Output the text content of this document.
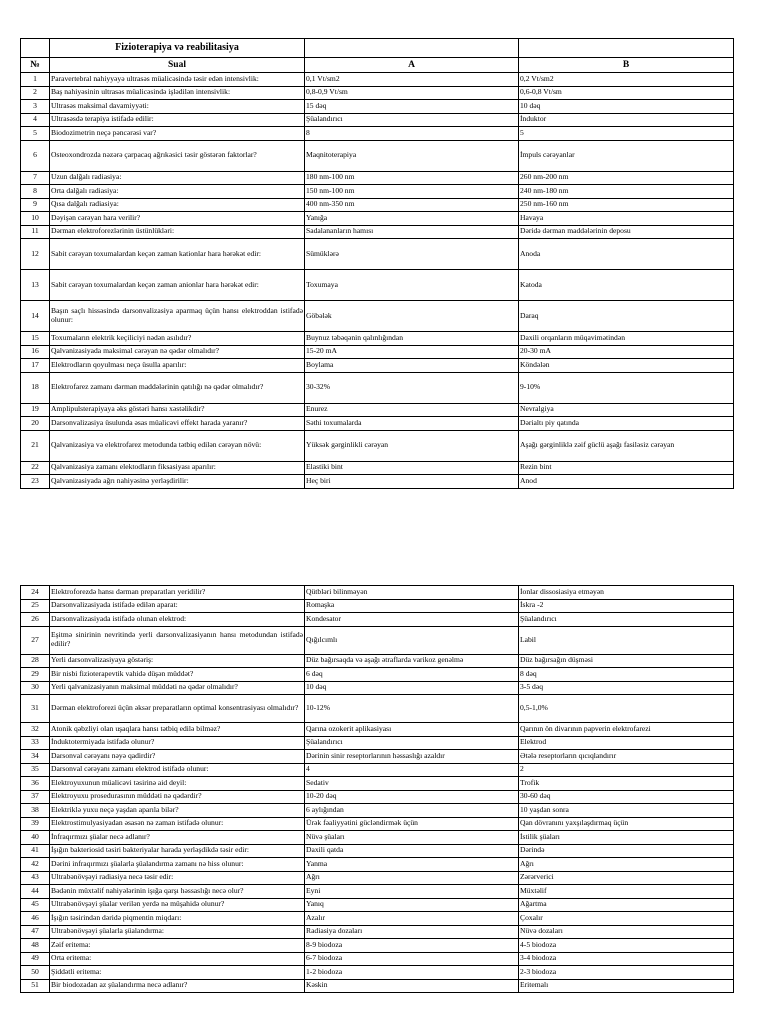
	Fizioterapiya və reabilitasiya		
№	Sual	A	B
1	Paravertebral nahiyyəyə ultrasəs müalicəsində təsir edən intensivlik:	0,1 Vt/sm2	0,2 Vt/sm2
2	Baş nahiyəsinin ultrasəs müalicəsində işlədilən intensivlik:	0,8-0,9 Vt/sm	0,6-0,8 Vt/sm
3	Ultrasəs maksimal davamiyyəti:	15 dəq	10 dəq
4	Ultrasəsdə terapiya istifadə edilir:	Şüalandırıcı	İnduktor
5	Biodozimetrin neçə pəncərəsi var?	8	5
6	Osteoxondrozda nəzərə çarpacaq ağrıkəsici təsir göstərən faktorlar?	Maqnitoterapiya	İmpuls cərəyanlar
7	Uzun dalğalı radiasiya:	180 nm-100 nm	260 nm-200 nm
8	Orta dalğalı radiasiya:	150 nm-100 nm	240 nm-180 nm
9	Qısa dalğalı radiasiya:	400 nm-350 nm	250 nm-160 nm
10	Dəyişən cərəyan hara verilir?	Yanığa	Havaya
11	Dərman elektroforezlərinin üstünlükləri:	Sadalananların hamısı	Dəridə dərman maddələrinin deposu
12	Sabit cərəyan toxumalardan keçən zaman kationlar hara hərəkət edir:	Sümüklərə	Anoda
13	Sabit cərəyan toxumalardan keçən zaman anionlar hara hərəkət edir:	Toxumaya	Katoda
14	Başın saçlı hissəsində darsonvalizasiya aparmaq üçün hansı elektroddan istifadə olunur:	Göbələk	Daraq
15	Toxumaların elektrik keçiliciyi nədən asılıdır?	Buynuz təbəqənin qalınlığından	Daxili orqanların müqavimətindən
16	Qalvanizasiyada maksimal cərəyan nə qədər olmalıdır?	15-20 mA	20-30 mA
17	Elektrodların qoyulması neçə üsulla aparılır:	Boylama	Köndələn
18	Elektrofarez zamanı dərman maddələrinin qatılığı nə qədər olmalıdır?	30-32%	9-10%
19	Amplipulsterapiyaya əks göstəri hansı xəstəlikdir?	Enurez	Nevralgiya
20	Darsonvalizasiya üsulunda əsas müalicəvi effekt harada yaranır?	Səthi toxumalarda	Dərialtı piy qatında
21	Qalvanizasiya və elektrofarez metodunda tətbiq edilən cərəyan növü:	Yüksək gərginlikli cərəyan	Aşağı gərginliklə zəif güclü aşağı fasiləsiz cərəyan
22	Qalvanizasiya zamanı elektodların fiksasiyası aparılır:	Elastiki bint	Rezin bint
23	Qalvanizasiyada ağrı nahiyəsinə yerləşdirilir:	Heç biri	Anod
24	Elektroforezdə hansı dərman preparatları yeridilir?	Qütbləri bilinməyən	İonlar dissosiasiya etməyən
25	Darsonvalizasiyada istifadə edilən aparat:	Romaşka	İskra -2
26	Darsonvalizasiyada istifadə olunan elektrod:	Kondesator	Şüalandırıcı
27	Eşitmə sinirinin nevritində yerli darsonvalizasiyanın hansı metodundan istifadə edilir?	Qığılcımlı	Labil
28	Yerli darsonvalizasiyaya göstəriş:	Düz bağırsaqda və aşağı ətraflarda varikoz genəlmə	Düz bağırsağın düşməsi
29	Bir nisbi fizioterapevtik vahidə düşən müddət?	6 dəq	8 dəq
30	Yerli qalvanizasiyanın maksimal müddəti nə qədər olmalıdır?	10 dəq	3-5 dəq
31	Dərman elektroforezi üçün əksər preparatların optimal konsentrasiyası olmalıdır?	10-12%	0,5-1,0%
32	Atonik qəbzliyi olan uşaqlara hansı tətbiq edilə bilməz?	Qarına ozokerit aplikasiyası	Qarının ön divarının papverin elektrofarezi
33	İnduktotermiyada istifadə olunur?	Şüalandırıcı	Elektrod
34	Darsonval cərəyanı nəyə qadirdir?	Dərinin sinir reseptorlarının həssaslığı azaldır	Ətələ reseptorların qıcıqlandırır
35	Darsonval cərəyanı zamanı elektrod istifadə olunur:	4	2
36	Elektroyuxunun müalicəvi təsirinə aid deyil:	Sedativ	Trofik
37	Elektroyuxu prosedurasının müddəti nə qədərdir?	10-20 dəq	30-60 dəq
38	Elektriklə yuxu neçə yaşdan aparıla bilər?	6 aylığından	10 yaşdan sonra
39	Elektrostimulyasiyadan əsasən nə zaman istifadə olunur:	Ürək fəaliyyətini gücləndirmək üçün	Qan dövranını yaxşılaşdırmaq üçün
40	İnfraqırmızı şüalar necə adlanır?	Nüvə şüaları	İstilik şüaları
41	İşığın bakteriosid təsiri bakteriyalar harada yerləşdikdə təsir edir:	Daxili qatda	Dərində
42	Dərini infraqırmızı şüalarla şüalandırma zamanı nə hiss olunur:	Yanma	Ağrı
43	Ultrabənövşəyi radiasiya necə təsir edir:	Ağrı	Zərərverici
44	Bədənin müxtəlif nahiyələrinin işığa qarşı həssaslığı necə olur?	Eyni	Müxtəlif
45	Ultrabənövşəyi şüalar verilən yerdə nə müşahidə olunur?	Yanıq	Ağartma
46	İşığın təsirindən dəridə piqmentin miqdarı:	Azalır	Çoxalır
47	Ultrabənövşəyi şüalarla şüalandırma:	Radiasiya dozaları	Nüvə dozaları
48	Zəif eritema:	8-9 biodoza	4-5 biodoza
49	Orta eritema:	6-7 biodoza	3-4 biodoza
50	Şiddətli eritema:	1-2 biodoza	2-3 biodoza
51	Bir biodozadan az şüalandırma necə adlanır?	Kəskin	Eritemalı
